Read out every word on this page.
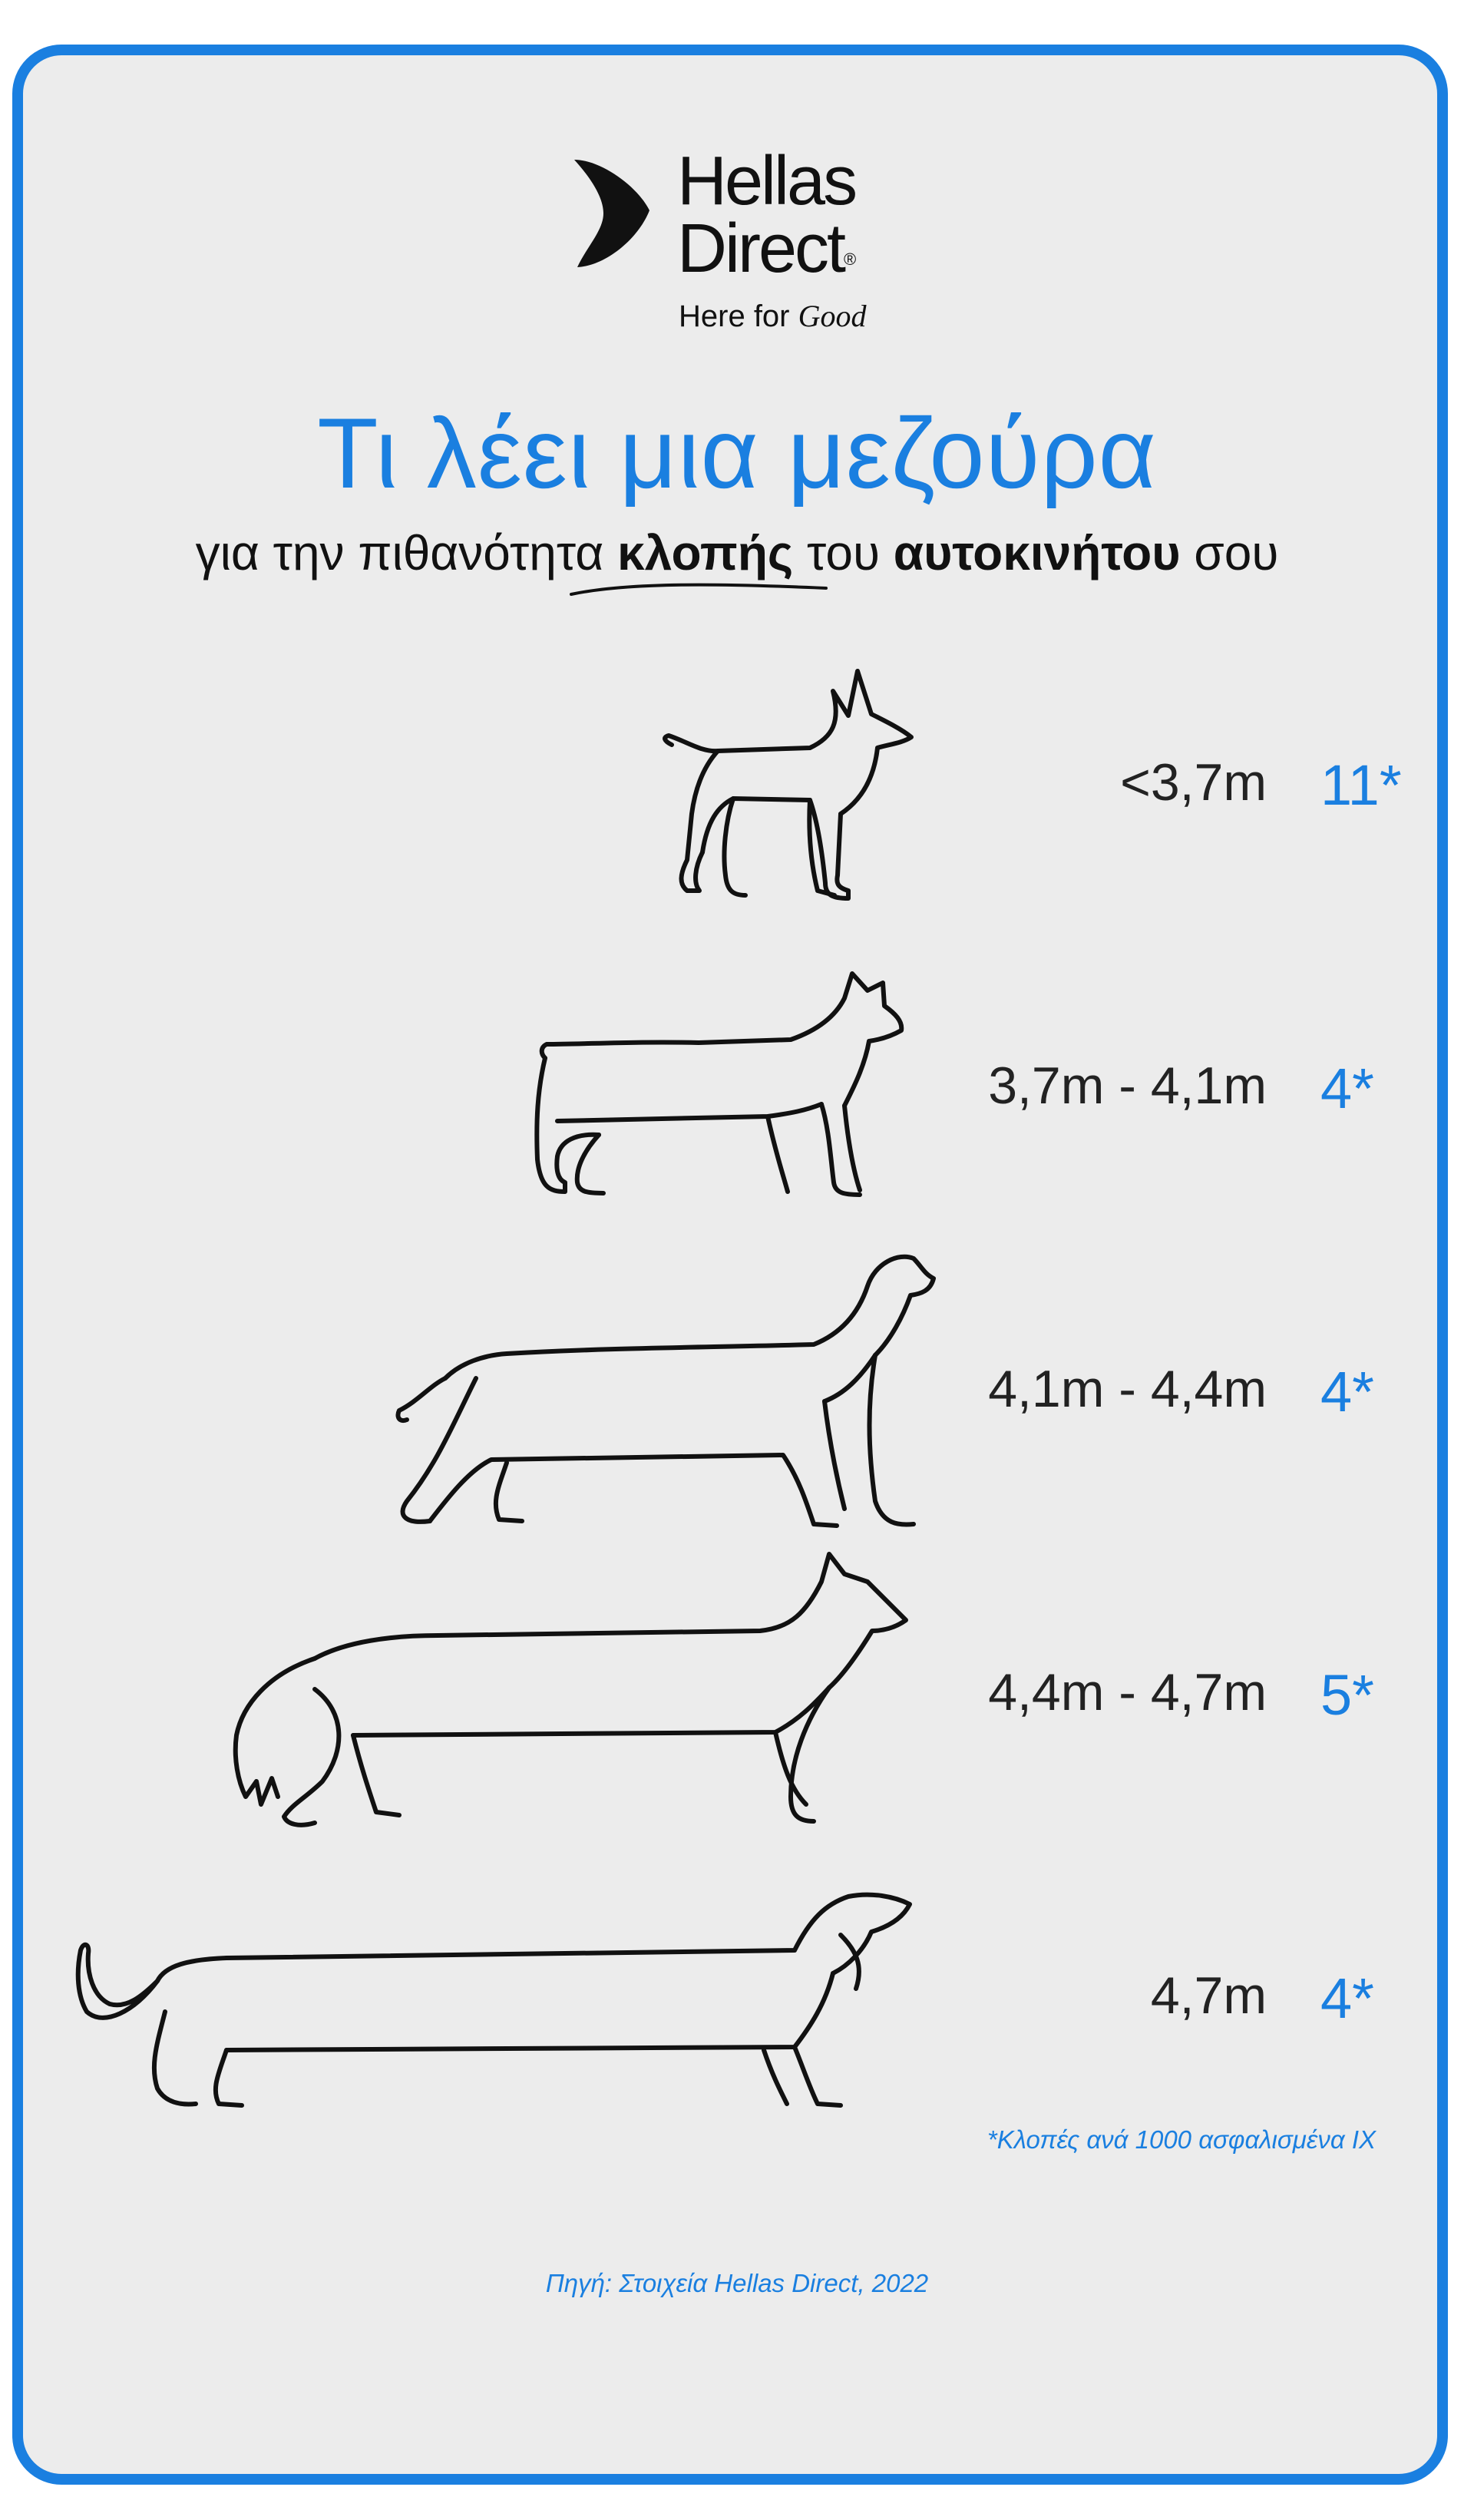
Hellas
Direct®
Here for Good
Τι λέει μια μεζούρα
για την πιθανότητα κλοπής του αυτοκινήτου σου
<3,7m 11*
3,7m - 4,1m 4*
4,1m - 4,4m 4*
4,4m - 4,7m 5*
4,7m 4*
*Κλοπές ανά 1000 ασφαλισμένα ΙΧ
Πηγή: Στοιχεία Hellas Direct, 2022
